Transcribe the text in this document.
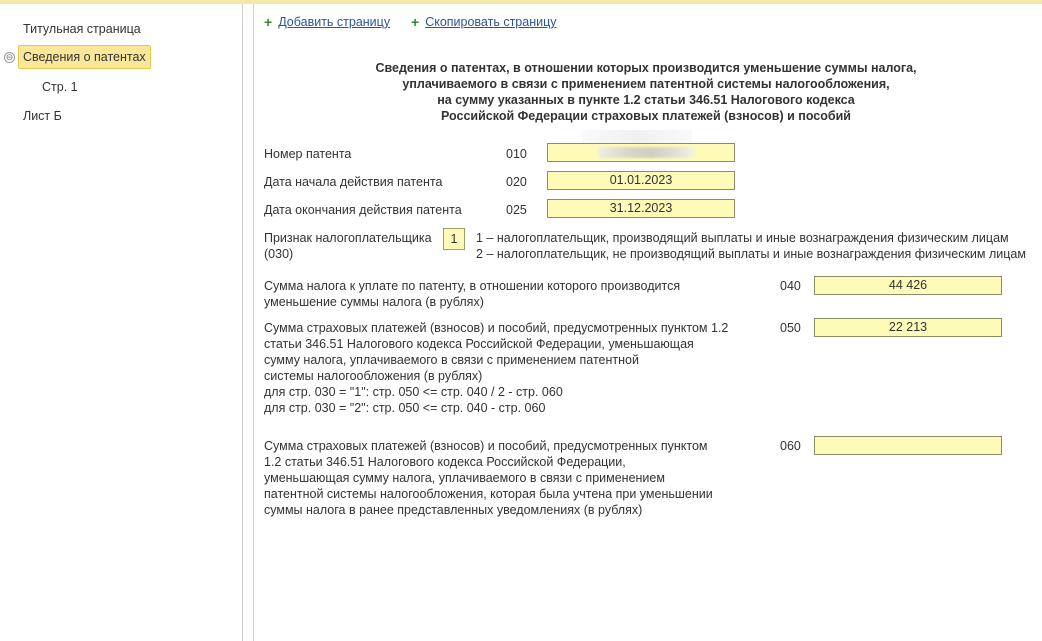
Титульная страница
⊖ Сведения о патентах
Стр. 1
Лист Б
+ Добавить страницу + Скопировать страницу
Сведения о патентах, в отношении которых производится уменьшение суммы налога,
уплачиваемого в связи с применением патентной системы налогообложения,
на сумму указанных в пункте 1.2 статьи 346.51 Налогового кодекса
Российской Федерации страховых платежей (взносов) и пособий
Номер патента	010
Дата начала действия патента	020	01.01.2023
Дата окончания действия патента	025	31.12.2023
Признак налогоплательщика
(030)
1	1 – налогоплательщик, производящий выплаты и иные вознаграждения физическим лицам
2 – налогоплательщик, не производящий выплаты и иные вознаграждения физическим лицам
Сумма налога к уплате по патенту, в отношении которого производится
уменьшение суммы налога (в рублях)
040	44 426
Сумма страховых платежей (взносов) и пособий, предусмотренных пунктом 1.2
статьи 346.51 Налогового кодекса Российской Федерации, уменьшающая
сумму налога, уплачиваемого в связи с применением патентной
системы налогообложения (в рублях)
для стр. 030 = "1": стр. 050 <= стр. 040 / 2 - стр. 060
для стр. 030 = "2": стр. 050 <= стр. 040 - стр. 060
050	22 213
Сумма страховых платежей (взносов) и пособий, предусмотренных пунктом
1.2 статьи 346.51 Налогового кодекса Российской Федерации,
уменьшающая сумму налога, уплачиваемого в связи с применением
патентной системы налогообложения, которая была учтена при уменьшении
суммы налога в ранее представленных уведомлениях (в рублях)
060
